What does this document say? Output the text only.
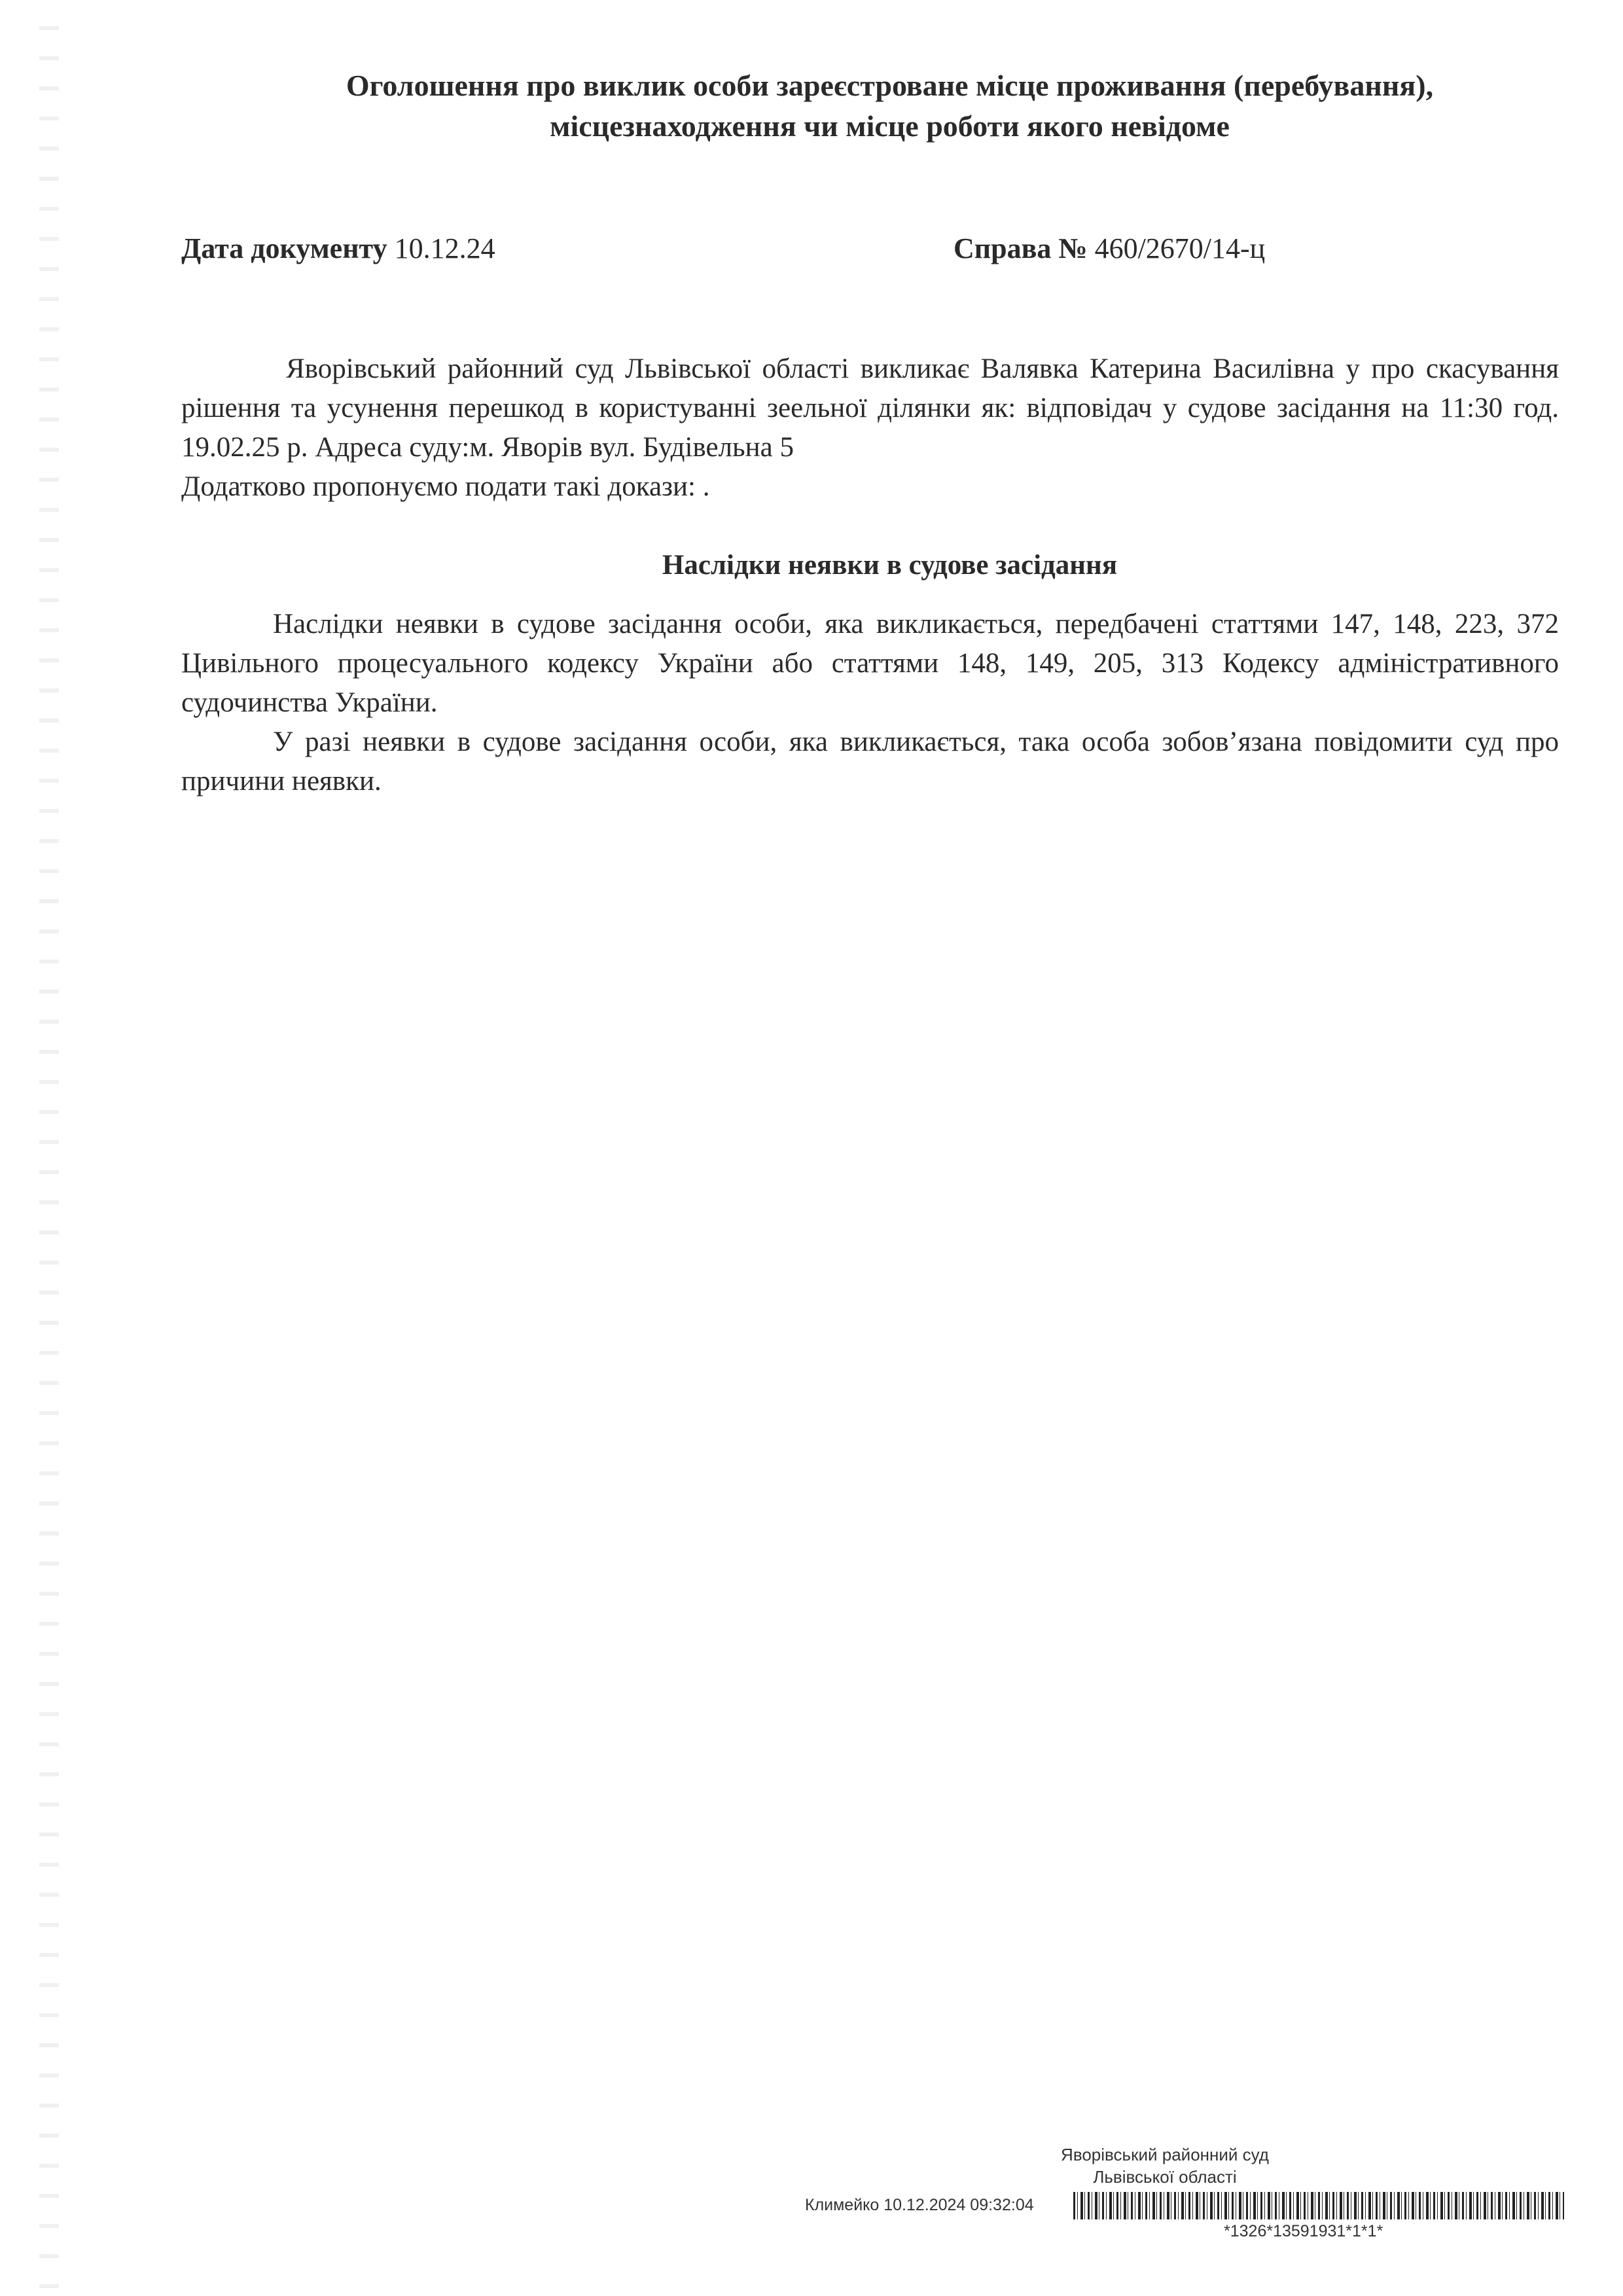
Оголошення про виклик особи зареєстроване місце проживання (перебування),

місцезнаходження чи місце роботи якого невідоме

Дата документу 10.12.24	Справа № 460/2670/14-ц

Яворівський районний суд Львівської області викликає Валявка Катерина Василівна у про скасування рішення та усунення перешкод в користуванні зеельної ділянки як: відповідач у судове засідання на 11:30 год. 19.02.25 р. Адреса суду:м. Яворів вул. Будівельна 5

Додатково пропонуємо подати такі докази: .

Наслідки неявки в судове засідання

Наслідки неявки в судове засідання особи, яка викликається, передбачені статтями 147, 148, 223, 372 Цивільного процесуального кодексу України або статтями 148, 149, 205, 313 Кодексу адміністративного судочинства України.

У разі неявки в судове засідання особи, яка викликається, така особа зобов’язана повідомити суд про причини неявки.

Яворівський районний суд
Львівської області
Климейко 10.12.2024 09:32:04
*1326*13591931*1*1*
